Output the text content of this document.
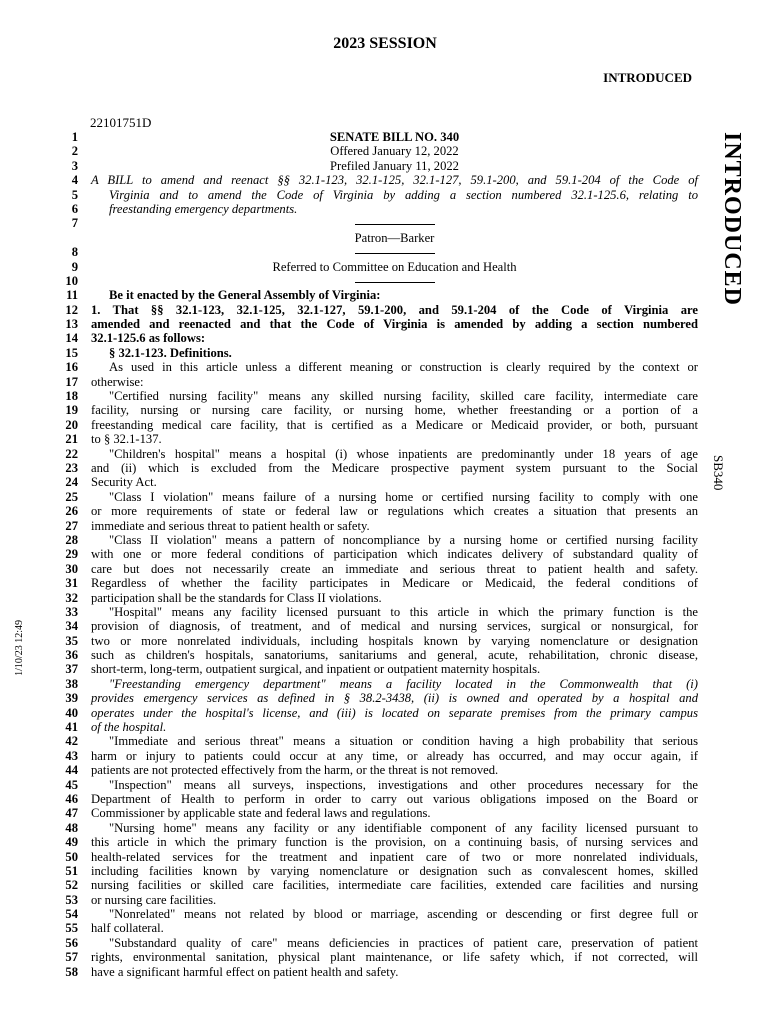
2023 SESSION
INTRODUCED
22101751D
INTRODUCED
SB340
1/10/23 12:49
1	SENATE BILL NO. 340
2	Offered January 12, 2022
3	Prefiled January 11, 2022
4 A BILL to amend and reenact §§ 32.1-123, 32.1-125, 32.1-127, 59.1-200, and 59.1-204 of the Code of
5 Virginia and to amend the Code of Virginia by adding a section numbered 32.1-125.6, relating to
6 freestanding emergency departments.
7
Patron—Barker
8
9	Referred to Committee on Education and Health
10
11	Be it enacted by the General Assembly of Virginia:
12 1. That §§ 32.1-123, 32.1-125, 32.1-127, 59.1-200, and 59.1-204 of the Code of Virginia are
13 amended and reenacted and that the Code of Virginia is amended by adding a section numbered
14 32.1-125.6 as follows:
15	§ 32.1-123. Definitions.
16	As used in this article unless a different meaning or construction is clearly required by the context or
17 otherwise:
18	"Certified nursing facility" means any skilled nursing facility, skilled care facility, intermediate care
19 facility, nursing or nursing care facility, or nursing home, whether freestanding or a portion of a
20 freestanding medical care facility, that is certified as a Medicare or Medicaid provider, or both, pursuant
21 to § 32.1-137.
22	"Children's hospital" means a hospital (i) whose inpatients are predominantly under 18 years of age
23 and (ii) which is excluded from the Medicare prospective payment system pursuant to the Social
24 Security Act.
25	"Class I violation" means failure of a nursing home or certified nursing facility to comply with one
26 or more requirements of state or federal law or regulations which creates a situation that presents an
27 immediate and serious threat to patient health or safety.
28	"Class II violation" means a pattern of noncompliance by a nursing home or certified nursing facility
29 with one or more federal conditions of participation which indicates delivery of substandard quality of
30 care but does not necessarily create an immediate and serious threat to patient health and safety.
31 Regardless of whether the facility participates in Medicare or Medicaid, the federal conditions of
32 participation shall be the standards for Class II violations.
33	"Hospital" means any facility licensed pursuant to this article in which the primary function is the
34 provision of diagnosis, of treatment, and of medical and nursing services, surgical or nonsurgical, for
35 two or more nonrelated individuals, including hospitals known by varying nomenclature or designation
36 such as children's hospitals, sanatoriums, sanitariums and general, acute, rehabilitation, chronic disease,
37 short-term, long-term, outpatient surgical, and inpatient or outpatient maternity hospitals.
38	"Freestanding emergency department" means a facility located in the Commonwealth that (i)
39 provides emergency services as defined in § 38.2-3438, (ii) is owned and operated by a hospital and
40 operates under the hospital's license, and (iii) is located on separate premises from the primary campus
41 of the hospital.
42	"Immediate and serious threat" means a situation or condition having a high probability that serious
43 harm or injury to patients could occur at any time, or already has occurred, and may occur again, if
44 patients are not protected effectively from the harm, or the threat is not removed.
45	"Inspection" means all surveys, inspections, investigations and other procedures necessary for the
46 Department of Health to perform in order to carry out various obligations imposed on the Board or
47 Commissioner by applicable state and federal laws and regulations.
48	"Nursing home" means any facility or any identifiable component of any facility licensed pursuant to
49 this article in which the primary function is the provision, on a continuing basis, of nursing services and
50 health-related services for the treatment and inpatient care of two or more nonrelated individuals,
51 including facilities known by varying nomenclature or designation such as convalescent homes, skilled
52 nursing facilities or skilled care facilities, intermediate care facilities, extended care facilities and nursing
53 or nursing care facilities.
54	"Nonrelated" means not related by blood or marriage, ascending or descending or first degree full or
55 half collateral.
56	"Substandard quality of care" means deficiencies in practices of patient care, preservation of patient
57 rights, environmental sanitation, physical plant maintenance, or life safety which, if not corrected, will
58 have a significant harmful effect on patient health and safety.
